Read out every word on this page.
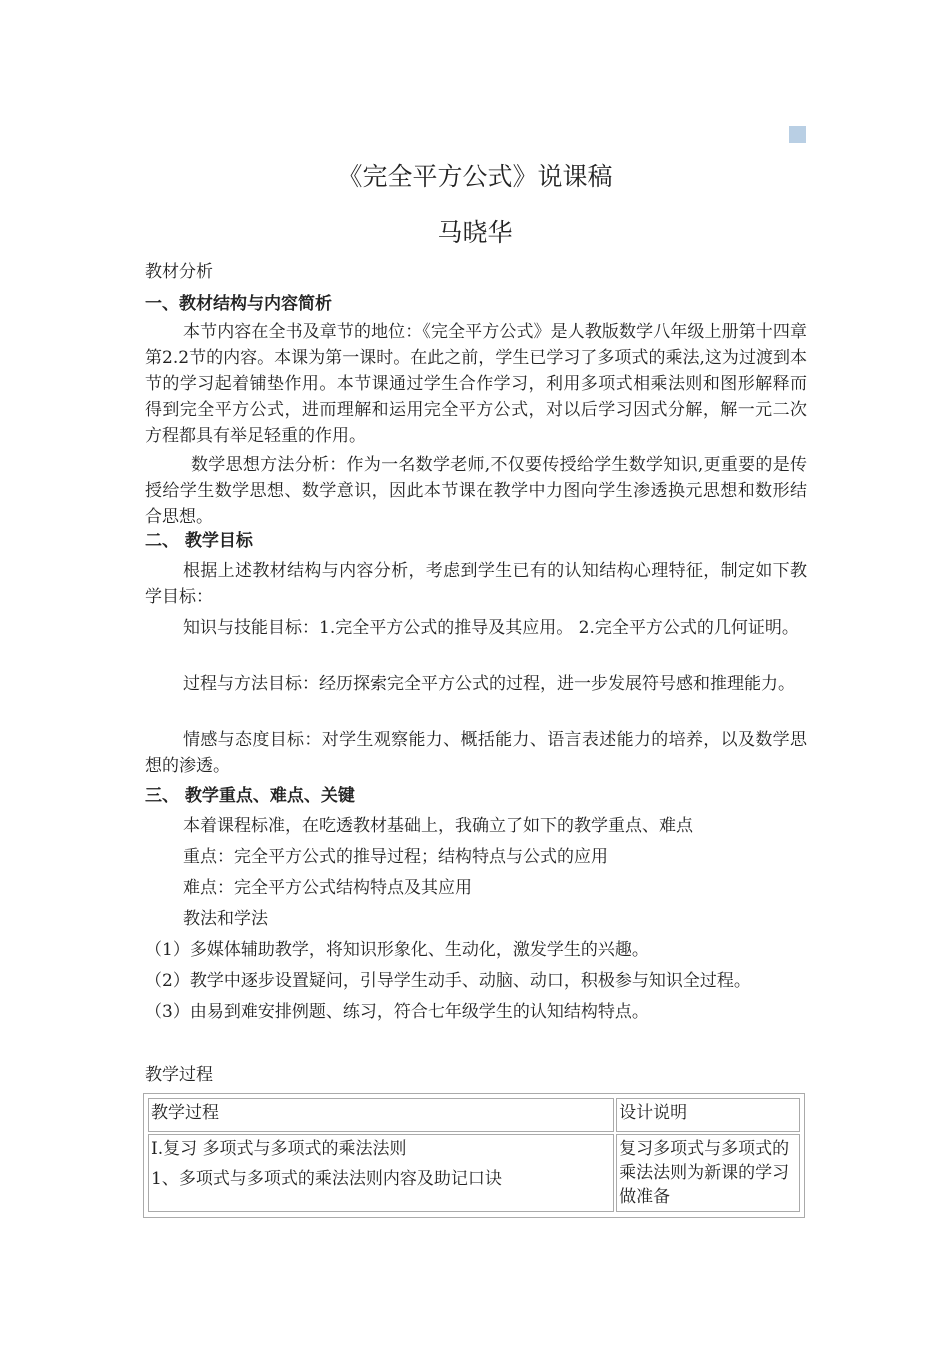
《完全平方公式》说课稿
马晓华
教材分析
一、教材结构与内容简析
本节内容在全书及章节的地位：《完全平方公式》是人教版数学八年级上册第十四章第2.2节的内容。本课为第一课时。在此之前，学生已学习了多项式的乘法,这为过渡到本节的学习起着铺垫作用。本节课通过学生合作学习，利用多项式相乘法则和图形解释而得到完全平方公式，进而理解和运用完全平方公式，对以后学习因式分解，解一元二次方程都具有举足轻重的作用。
数学思想方法分析：作为一名数学老师,不仅要传授给学生数学知识,更重要的是传授给学生数学思想、数学意识，因此本节课在教学中力图向学生渗透换元思想和数形结合思想。
二、 教学目标
根据上述教材结构与内容分析，考虑到学生已有的认知结构心理特征，制定如下教学目标：
知识与技能目标：1.完全平方公式的推导及其应用。 2.完全平方公式的几何证明。
过程与方法目标：经历探索完全平方公式的过程，进一步发展符号感和推理能力。
情感与态度目标：对学生观察能力、概括能力、语言表述能力的培养，以及数学思想的渗透。
三、 教学重点、难点、关键
本着课程标准，在吃透教材基础上，我确立了如下的教学重点、难点
重点：完全平方公式的推导过程；结构特点与公式的应用
难点：完全平方公式结构特点及其应用
教法和学法
（1）多媒体辅助教学，将知识形象化、生动化，激发学生的兴趣。
（2）教学中逐步设置疑问，引导学生动手、动脑、动口，积极参与知识全过程。
（3）由易到难安排例题、练习，符合七年级学生的认知结构特点。
教学过程
教学过程	设计说明

Ⅰ.复习 多项式与多项式的乘法法则
1、多项式与多项式的乘法法则内容及助记口诀	复习多项式与多项式的乘法法则为新课的学习做准备
